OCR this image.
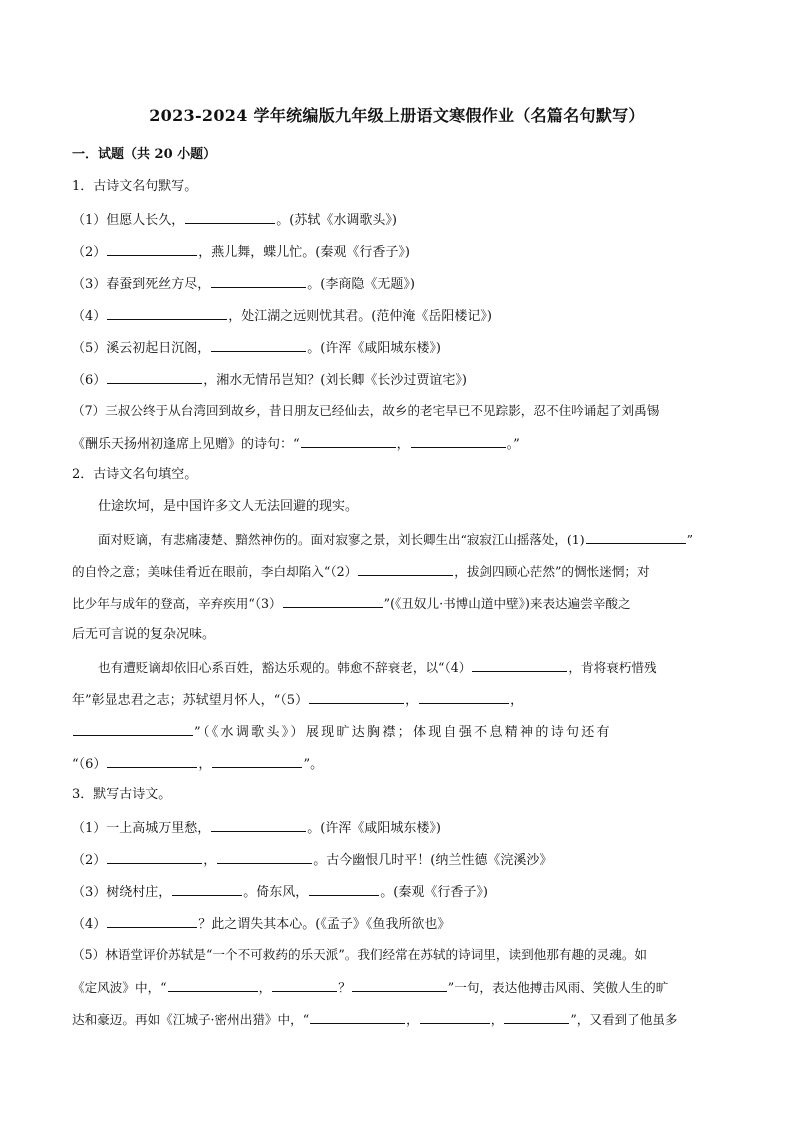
2023-2024 学年统编版九年级上册语文寒假作业（名篇名句默写）
一．试题（共 20 小题）
1．古诗文名句默写。
（1）但愿人长久，	。(苏轼《水调歌头》)
（2）	，燕儿舞，蝶儿忙。(秦观《行香子》)
（3）春蚕到死丝方尽，	。(李商隐《无题》)
（4）	，处江湖之远则忧其君。(范仲淹《岳阳楼记》)
（5）溪云初起日沉阁，	。(许浑《咸阳城东楼》)
（6）	，湘水无情吊岂知？(刘长卿《长沙过贾谊宅》)
（7）三叔公终于从台湾回到故乡，昔日朋友已经仙去，故乡的老宅早已不见踪影，忍不住吟诵起了刘禹锡
《酬乐天扬州初逢席上见赠》的诗句：“	，	。”
2．古诗文名句填空。
仕途坎坷，是中国许多文人无法回避的现实。
面对贬谪，有悲痛凄楚、黯然神伤的。面对寂寥之景，刘长卿生出“寂寂江山摇落处，(1)	”
的自怜之意；美味佳肴近在眼前，李白却陷入“（2）	，拔剑四顾心茫然”的惆怅迷惘；对
比少年与成年的登高，辛弃疾用“（3）	”(《丑奴儿·书博山道中壁》)来表达遍尝辛酸之
后无可言说的复杂况味。
也有遭贬谪却依旧心系百姓，豁达乐观的。韩愈不辞衰老，以“（4）	，肯将衰朽惜残
年”彰显忠君之志；苏轼望月怀人，“（5）	，	，
”（《水调歌头》）展现旷达胸襟；体现自强不息精神的诗句还有
“（6）	，	”。
3．默写古诗文。
（1）一上高城万里愁，	。(许浑《咸阳城东楼》)
（2）	，	。古今幽恨几时平！(纳兰性德《浣溪沙》
（3）树绕村庄，	。倚东风，	。(秦观《行香子》)
（4）	？此之谓失其本心。(《孟子》《鱼我所欲也》
（5）林语堂评价苏轼是“一个不可救药的乐天派”。我们经常在苏轼的诗词里，读到他那有趣的灵魂。如
《定风波》中，“	，	？	”一句，表达他搏击风雨、笑傲人生的旷
达和豪迈。再如《江城子·密州出猎》中，“	，	，	”，又看到了他虽多
